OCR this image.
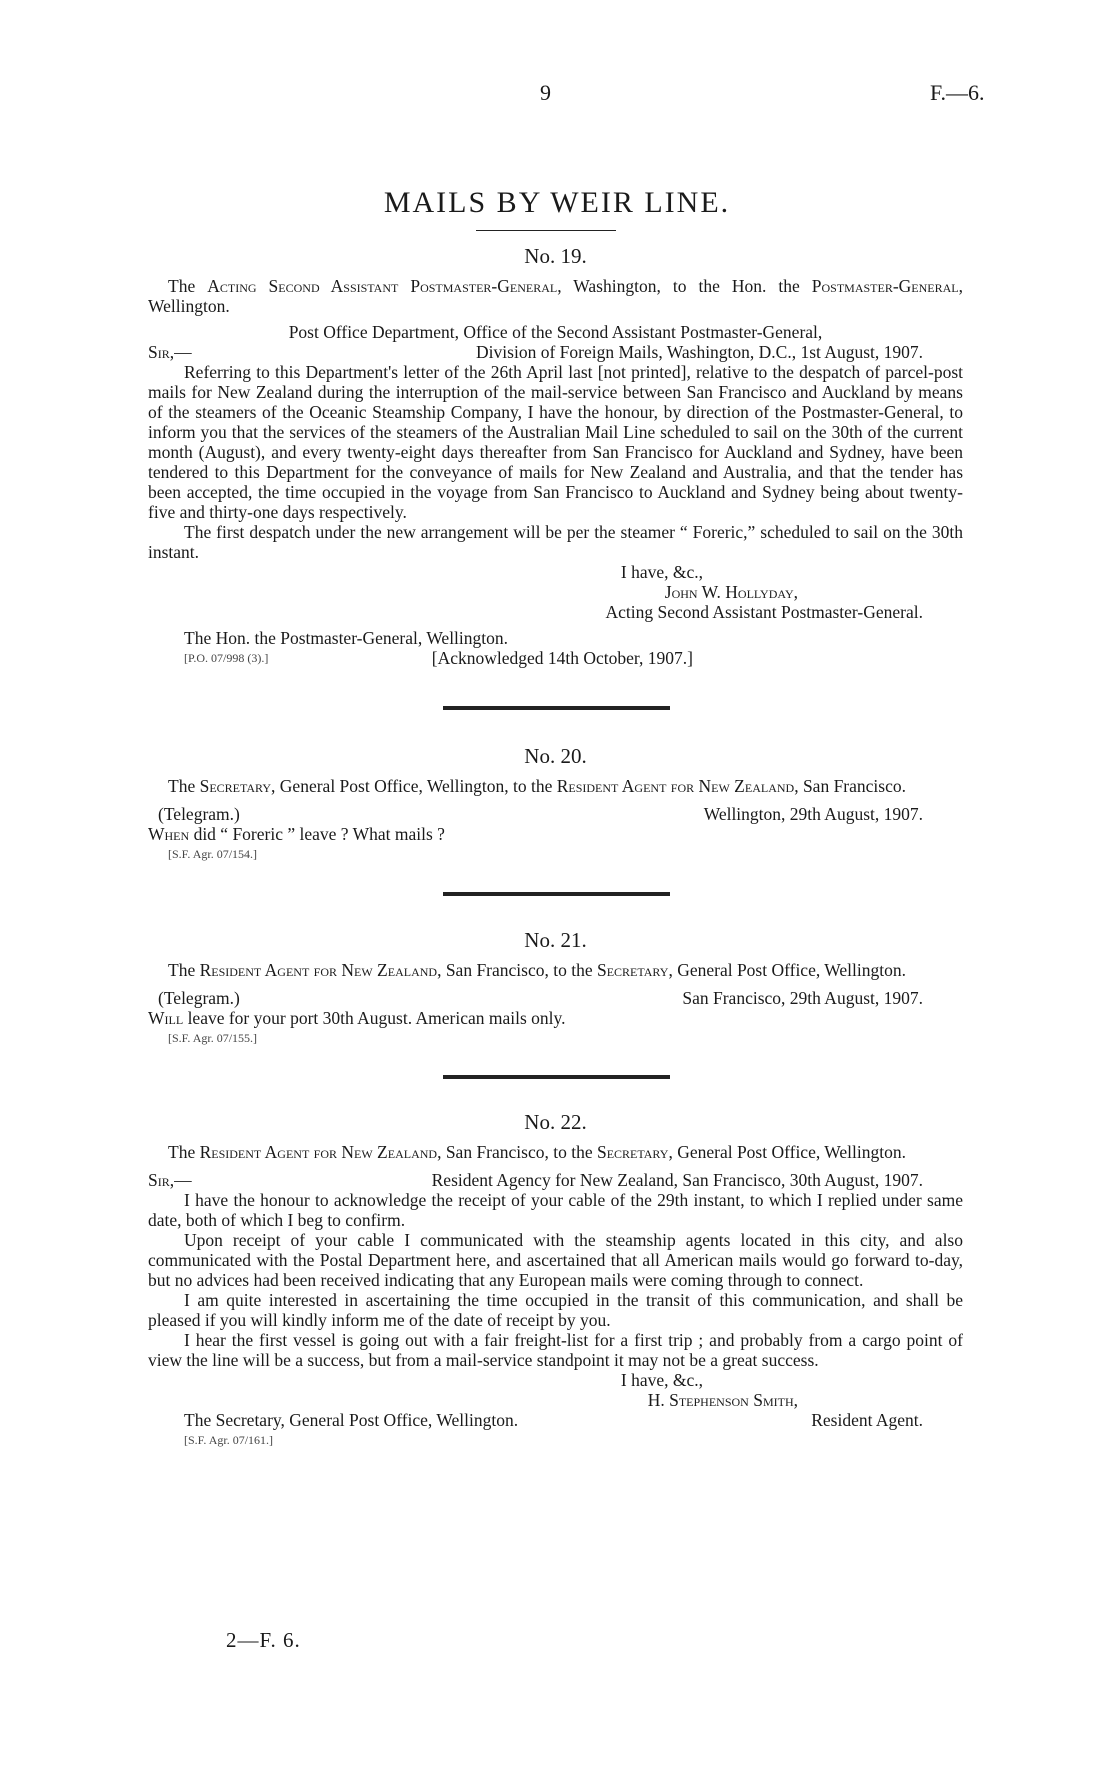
9	F.—6.
MAILS BY WEIR LINE.
No. 19.
The Acting Second Assistant Postmaster-General, Washington, to the Hon. the Postmaster-General, Wellington.
Post Office Department, Office of the Second Assistant Postmaster-General,
Sir,—	Division of Foreign Mails, Washington, D.C., 1st August, 1907.

Referring to this Department's letter of the 26th April last [not printed], relative to the despatch of parcel-post mails for New Zealand during the interruption of the mail-service between San Francisco and Auckland by means of the steamers of the Oceanic Steamship Company, I have the honour, by direction of the Postmaster-General, to inform you that the services of the steamers of the Australian Mail Line scheduled to sail on the 30th of the current month (August), and every twenty-eight days thereafter from San Francisco for Auckland and Sydney, have been tendered to this Department for the conveyance of mails for New Zealand and Australia, and that the tender has been accepted, the time occupied in the voyage from San Francisco to Auckland and Sydney being about twenty-five and thirty-one days respectively.

The first despatch under the new arrangement will be per the steamer “ Foreric,” scheduled to sail on the 30th instant.

I have, &c.,
John W. Hollyday,
Acting Second Assistant Postmaster-General.
The Hon. the Postmaster-General, Wellington.
[P.O. 07/998 (3).]	[Acknowledged 14th October, 1907.]
No. 20.
The Secretary, General Post Office, Wellington, to the Resident Agent for New Zealand, San Francisco.
(Telegram.)	Wellington, 29th August, 1907.
When did “ Foreric ” leave ? What mails ?
[S.F. Agr. 07/154.]
No. 21.
The Resident Agent for New Zealand, San Francisco, to the Secretary, General Post Office, Wellington.
(Telegram.)	San Francisco, 29th August, 1907.
Will leave for your port 30th August. American mails only.
[S.F. Agr. 07/155.]
No. 22.
The Resident Agent for New Zealand, San Francisco, to the Secretary, General Post Office, Wellington.
Sir,—	Resident Agency for New Zealand, San Francisco, 30th August, 1907.

I have the honour to acknowledge the receipt of your cable of the 29th instant, to which I replied under same date, both of which I beg to confirm.

Upon receipt of your cable I communicated with the steamship agents located in this city, and also communicated with the Postal Department here, and ascertained that all American mails would go forward to-day, but no advices had been received indicating that any European mails were coming through to connect.

I am quite interested in ascertaining the time occupied in the transit of this communication, and shall be pleased if you will kindly inform me of the date of receipt by you.

I hear the first vessel is going out with a fair freight-list for a first trip ; and probably from a cargo point of view the line will be a success, but from a mail-service standpoint it may not be a great success.

I have, &c.,
H. Stephenson Smith,
The Secretary, General Post Office, Wellington.	Resident Agent.
[S.F. Agr. 07/161.]
2—F. 6.
